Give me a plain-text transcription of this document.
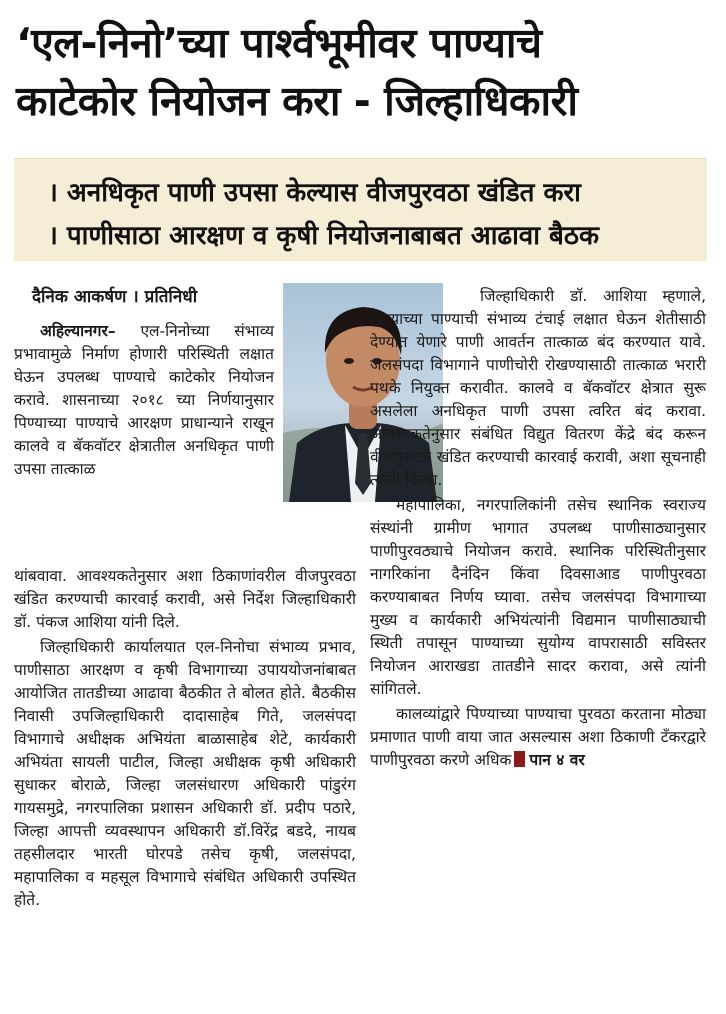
‘एल-निनो’च्या पार्श्वभूमीवर पाण्याचे
काटेकोर नियोजन करा - जिल्हाधिकारी
। अनधिकृत पाणी उपसा केल्यास वीजपुरवठा खंडित करा
। पाणीसाठा आरक्षण व कृषी नियोजनाबाबत आढावा बैठक
दैनिक आकर्षण । प्रतिनिधी

अहिल्यानगर– एल-निनोच्या संभाव्य प्रभावामुळे निर्माण होणारी परिस्थिती लक्षात घेऊन उपलब्ध पाण्याचे काटेकोर नियोजन करावे. शासनाच्या २०१८ च्या निर्णयानुसार पिण्याच्या पाण्याचे आरक्षण प्राधान्याने राखून कालवे व बॅकवॉटर क्षेत्रातील अनधिकृत पाणी उपसा तात्काळ

थांबवावा. आवश्यकतेनुसार अशा ठिकाणांवरील वीजपुरवठा खंडित करण्याची कारवाई करावी, असे निर्देश जिल्हाधिकारी डॉ. पंकज आशिया यांनी दिले.

जिल्हाधिकारी कार्यालयात एल-निनोचा संभाव्य प्रभाव, पाणीसाठा आरक्षण व कृषी विभागाच्या उपाययोजनांबाबत आयोजित तातडीच्या आढावा बैठकीत ते बोलत होते. बैठकीस निवासी उपजिल्हाधिकारी दादासाहेब गिते, जलसंपदा विभागाचे अधीक्षक अभियंता बाळासाहेब शेटे, कार्यकारी अभियंता सायली पाटील, जिल्हा अधीक्षक कृषी अधिकारी सुधाकर बोराळे, जिल्हा जलसंधारण अधिकारी पांडुरंग गायसमुद्रे, नगरपालिका प्रशासन अधिकारी डॉ. प्रदीप पठारे, जिल्हा आपत्ती व्यवस्थापन अधिकारी डॉ.विरेंद्र बडदे, नायब तहसीलदार भारती घोरपडे तसेच कृषी, जलसंपदा, महापालिका व महसूल विभागाचे संबंधित अधिकारी उपस्थित होते.

जिल्हाधिकारी डॉ. आशिया म्हणाले, पिण्याच्या पाण्याची संभाव्य टंचाई लक्षात घेऊन शेतीसाठी देण्यात येणारे पाणी आवर्तन तात्काळ बंद करण्यात यावे. जलसंपदा विभागाने पाणीचोरी रोखण्यासाठी तात्काळ भरारी पथके नियुक्त करावीत. कालवे व बॅकवॉटर क्षेत्रात सुरू असलेला अनधिकृत पाणी उपसा त्वरित बंद करावा. आवश्यकतेनुसार संबंधित विद्युत वितरण केंद्रे बंद करून वीजपुरवठा खंडित करण्याची कारवाई करावी, अशा सूचनाही त्यांनी दिल्या.

महापालिका, नगरपालिकांनी तसेच स्थानिक स्वराज्य संस्थांनी ग्रामीण भागात उपलब्ध पाणीसाठ्यानुसार पाणीपुरवठ्याचे नियोजन करावे. स्थानिक परिस्थितीनुसार नागरिकांना दैनंदिन किंवा दिवसाआड पाणीपुरवठा करण्याबाबत निर्णय घ्यावा. तसेच जलसंपदा विभागाच्या मुख्य व कार्यकारी अभियंत्यांनी विद्यमान पाणीसाठ्याची स्थिती तपासून पाण्याच्या सुयोग्य वापरासाठी सविस्तर नियोजन आराखडा तातडीने सादर करावा, असे त्यांनी सांगितले.

कालव्यांद्वारे पिण्याच्या पाण्याचा पुरवठा करताना मोठ्या प्रमाणात पाणी वाया जात असल्यास अशा ठिकाणी टँकरद्वारे पाणीपुरवठा करणे अधिक पान ४ वर
